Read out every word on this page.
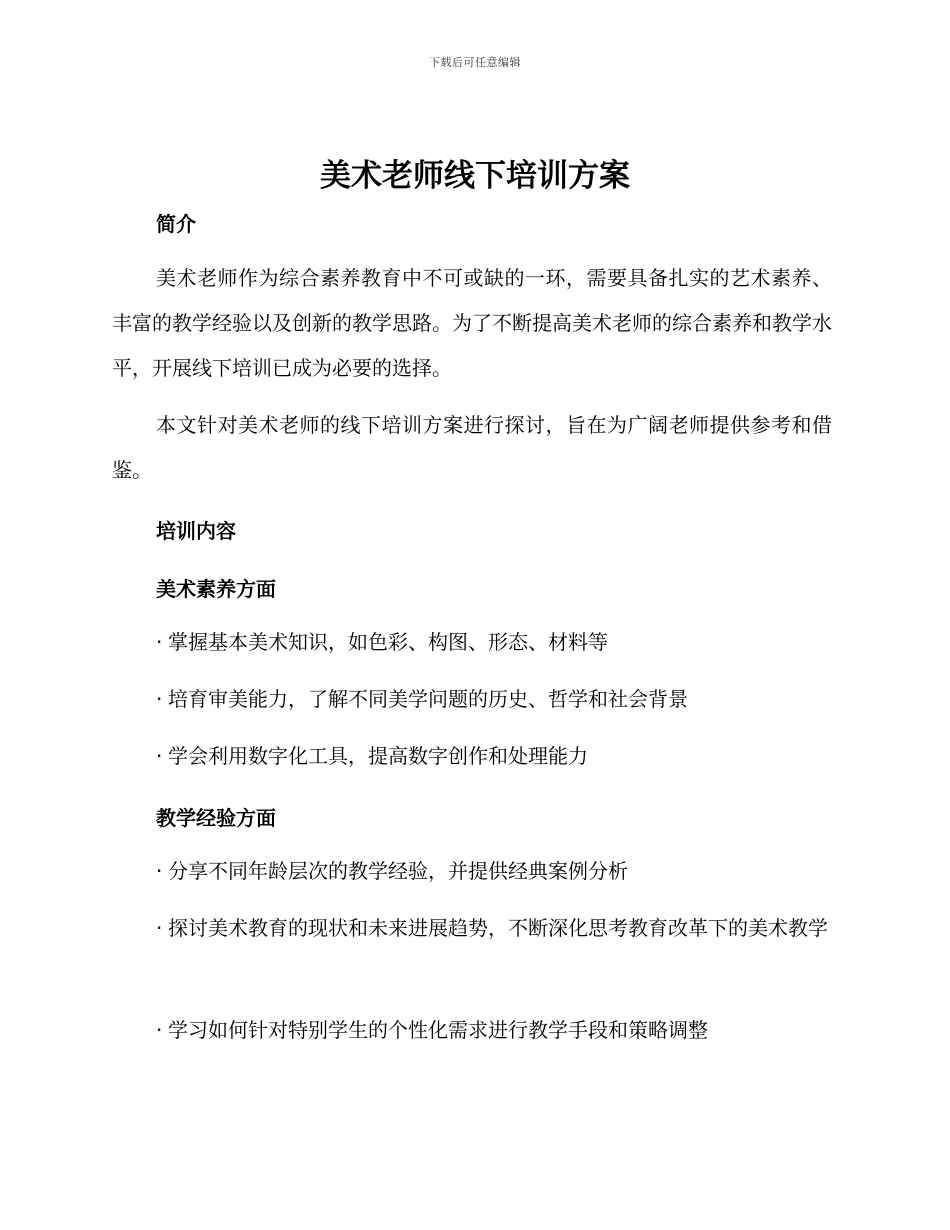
下载后可任意编辑
美术老师线下培训方案
简介

美术老师作为综合素养教育中不可或缺的一环，需要具备扎实的艺术素养、丰富的教学经验以及创新的教学思路。为了不断提高美术老师的综合素养和教学水平，开展线下培训已成为必要的选择。

本文针对美术老师的线下培训方案进行探讨，旨在为广阔老师提供参考和借鉴。

培训内容
美术素养方面

· 掌握基本美术知识，如色彩、构图、形态、材料等

· 培育审美能力，了解不同美学问题的历史、哲学和社会背景

· 学会利用数字化工具，提高数字创作和处理能力

教学经验方面

· 分享不同年龄层次的教学经验，并提供经典案例分析

· 探讨美术教育的现状和未来进展趋势，不断深化思考教育改革下的美术教学

· 学习如何针对特别学生的个性化需求进行教学手段和策略调整
